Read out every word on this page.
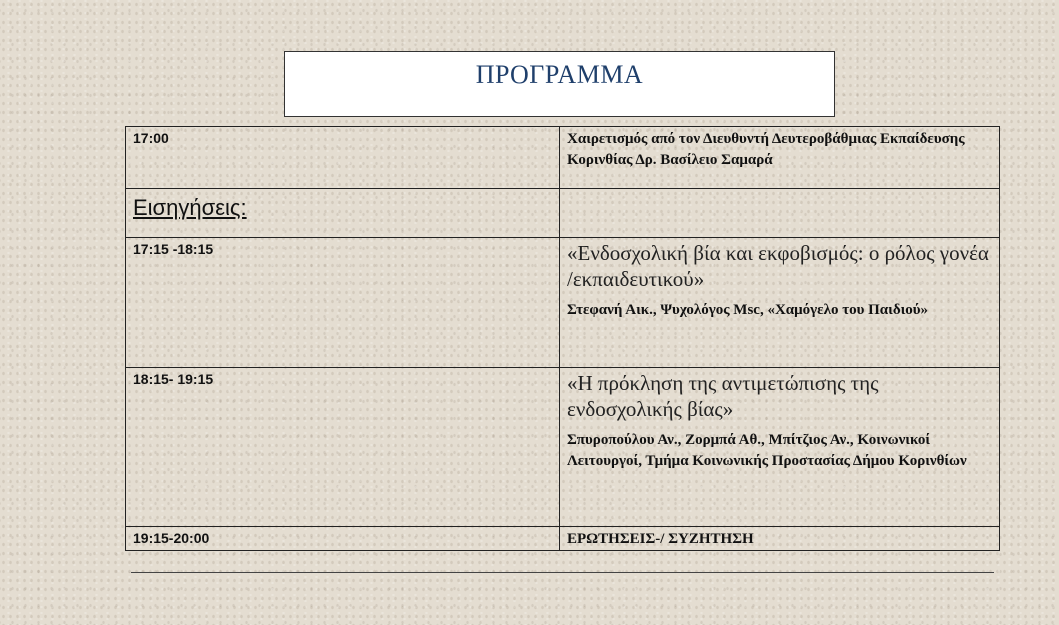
ΠΡΟΓΡΑΜΜΑ
17:00	Χαιρετισμός από τον Διευθυντή Δευτεροβάθμιας Εκπαίδευσης Κορινθίας Δρ. Βασίλειο Σαμαρά

Εισηγήσεις:	

17:15 -18:15	«Ενδοσχολική βία και εκφοβισμός: ο ρόλος γονέα /εκπαιδευτικού»
Στεφανή Αικ., Ψυχολόγος Msc, «Χαμόγελο του Παιδιού»

18:15- 19:15	«Η πρόκληση της αντιμετώπισης της ενδοσχολικής βίας»
Σπυροπούλου Αν., Ζορμπά Αθ., Μπίτζιος Αν., Κοινωνικοί Λειτουργοί, Τμήμα Κοινωνικής Προστασίας Δήμου Κορινθίων

19:15-20:00	ΕΡΩΤΗΣΕΙΣ-/ ΣΥΖΗΤΗΣΗ
